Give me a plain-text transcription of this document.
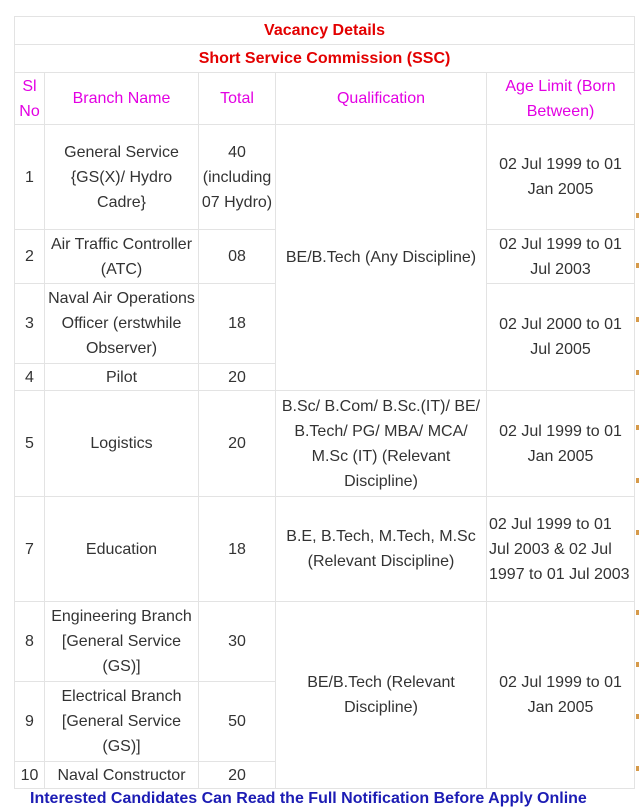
Vacancy Details				
Short Service Commission (SSC)				
Sl No	Branch Name	Total	Qualification	Age Limit (Born Between)
1	General Service {GS(X)/ Hydro Cadre}	40 (including 07 Hydro)	BE/B.Tech (Any Discipline)	02 Jul 1999 to 01 Jan 2005
2	Air Traffic Controller (ATC)	08		02 Jul 1999 to 01 Jul 2003
3	Naval Air Operations Officer (erstwhile Observer)	18		02 Jul 2000 to 01 Jul 2005
4	Pilot	20		
5	Logistics	20	B.Sc/ B.Com/ B.Sc.(IT)/ BE/ B.Tech/ PG/ MBA/ MCA/ M.Sc (IT) (Relevant Discipline)	02 Jul 1999 to 01 Jan 2005
7	Education	18	B.E, B.Tech, M.Tech, M.Sc (Relevant Discipline)	02 Jul 1999 to 01 Jul 2003 & 02 Jul 1997 to 01 Jul 2003
8	Engineering Branch [General Service (GS)]	30	BE/B.Tech (Relevant Discipline)	02 Jul 1999 to 01 Jan 2005
9	Electrical Branch [General Service (GS)]	50		
10	Naval Constructor	20		
Interested Candidates Can Read the Full Notification Before Apply Online
